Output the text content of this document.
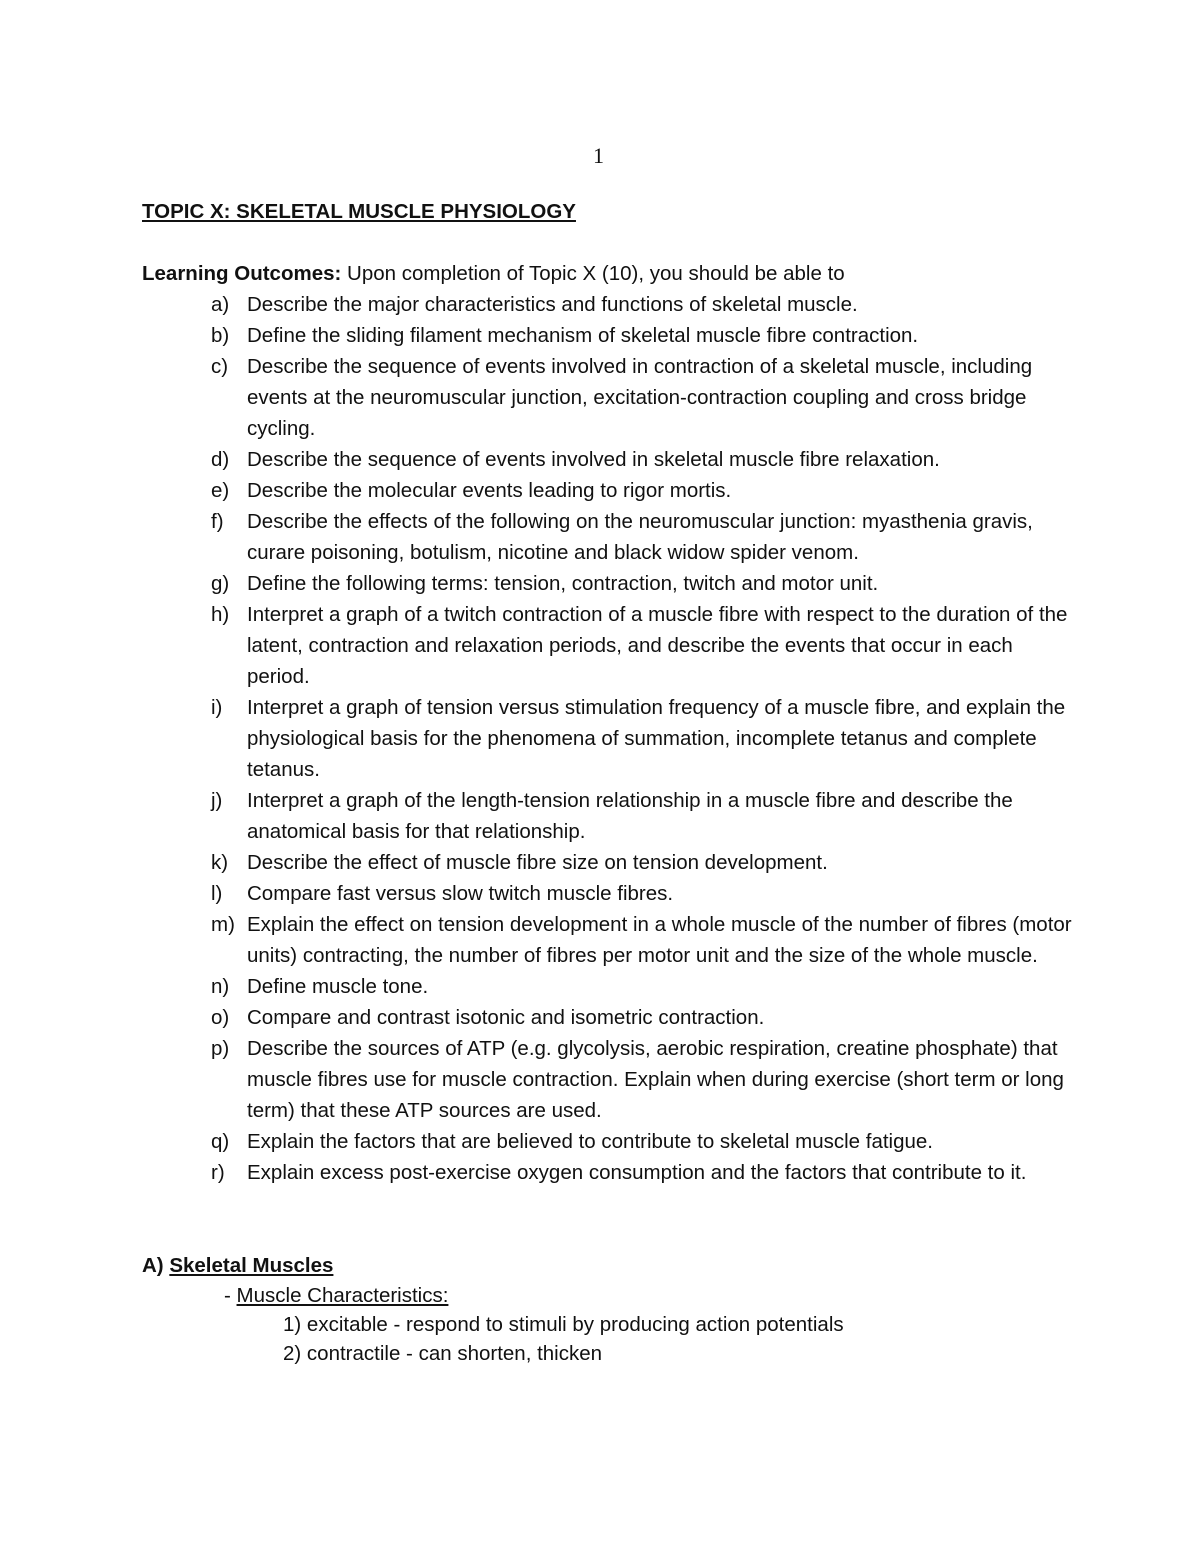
1
TOPIC X: SKELETAL MUSCLE PHYSIOLOGY
Learning Outcomes: Upon completion of Topic X (10), you should be able to
a) Describe the major characteristics and functions of skeletal muscle.
b) Define the sliding filament mechanism of skeletal muscle fibre contraction.
c) Describe the sequence of events involved in contraction of a skeletal muscle, including events at the neuromuscular junction, excitation-contraction coupling and cross bridge cycling.
d) Describe the sequence of events involved in skeletal muscle fibre relaxation.
e) Describe the molecular events leading to rigor mortis.
f) Describe the effects of the following on the neuromuscular junction: myasthenia gravis, curare poisoning, botulism, nicotine and black widow spider venom.
g) Define the following terms: tension, contraction, twitch and motor unit.
h) Interpret a graph of a twitch contraction of a muscle fibre with respect to the duration of the latent, contraction and relaxation periods, and describe the events that occur in each period.
i) Interpret a graph of tension versus stimulation frequency of a muscle fibre, and explain the physiological basis for the phenomena of summation, incomplete tetanus and complete tetanus.
j) Interpret a graph of the length-tension relationship in a muscle fibre and describe the anatomical basis for that relationship.
k) Describe the effect of muscle fibre size on tension development.
l) Compare fast versus slow twitch muscle fibres.
m) Explain the effect on tension development in a whole muscle of the number of fibres (motor units) contracting, the number of fibres per motor unit and the size of the whole muscle.
n) Define muscle tone.
o) Compare and contrast isotonic and isometric contraction.
p) Describe the sources of ATP (e.g. glycolysis, aerobic respiration, creatine phosphate) that muscle fibres use for muscle contraction. Explain when during exercise (short term or long term) that these ATP sources are used.
q) Explain the factors that are believed to contribute to skeletal muscle fatigue.
r) Explain excess post-exercise oxygen consumption and the factors that contribute to it.
A) Skeletal Muscles
- Muscle Characteristics:
1) excitable - respond to stimuli by producing action potentials
2) contractile - can shorten, thicken
